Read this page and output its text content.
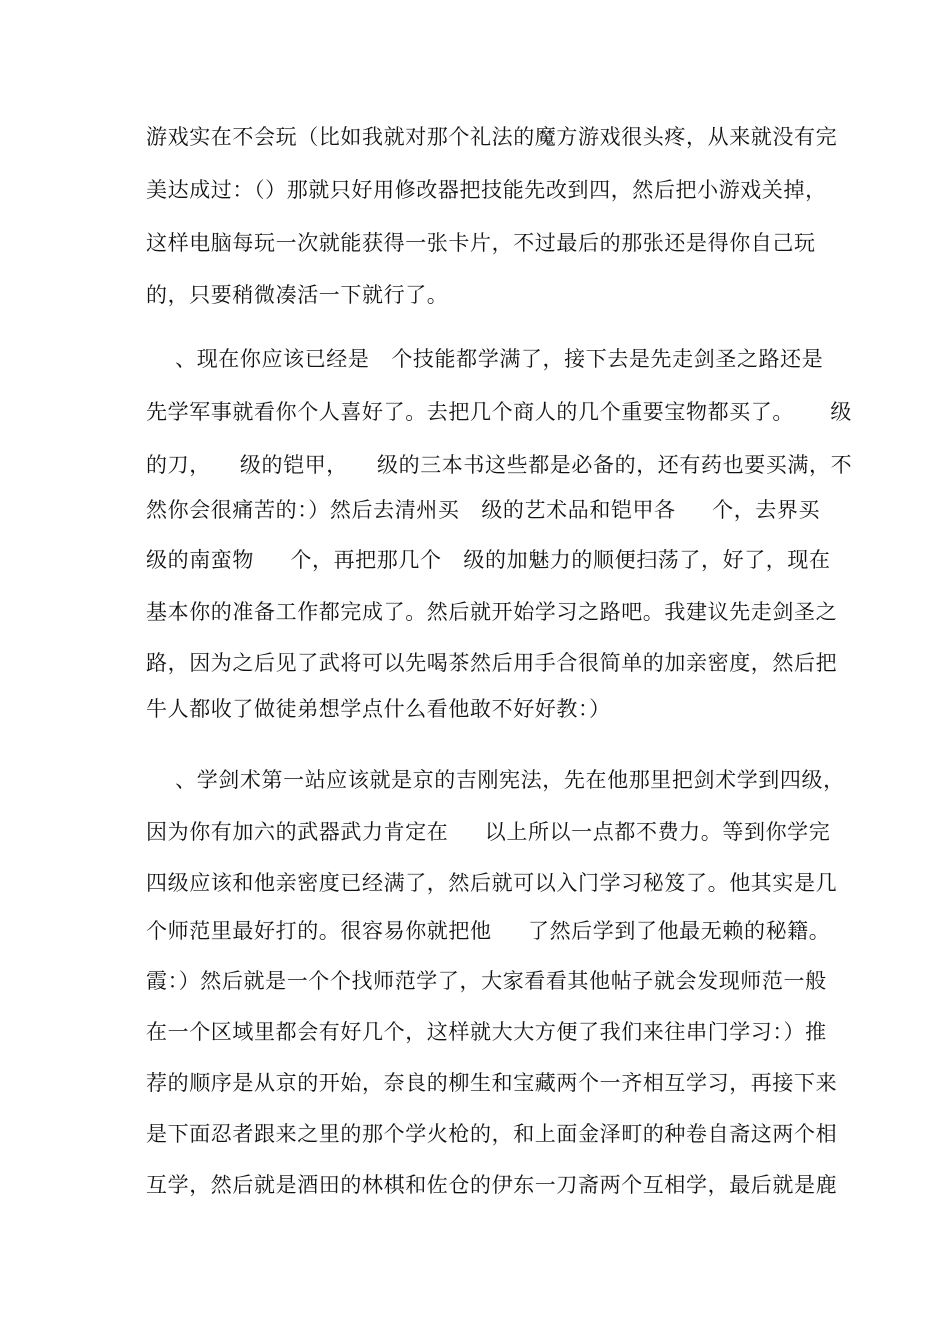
游戏实在不会玩（比如我就对那个礼法的魔方游戏很头疼，从来就没有完
美达成过：（）那就只好用修改器把技能先改到四，然后把小游戏关掉，
这样电脑每玩一次就能获得一张卡片，不过最后的那张还是得你自己玩
的，只要稍微凑活一下就行了。
、现在你应该已经是   个技能都学满了，接下去是先走剑圣之路还是
先学军事就看你个人喜好了。去把几个商人的几个重要宝物都买了。     级
的刀，    级的铠甲，    级的三本书这些都是必备的，还有药也要买满，不
然你会很痛苦的：）然后去清州买   级的艺术品和铠甲各     个，去界买
级的南蛮物     个，再把那几个   级的加魅力的顺便扫荡了，好了，现在
基本你的准备工作都完成了。然后就开始学习之路吧。我建议先走剑圣之
路，因为之后见了武将可以先喝茶然后用手合很简单的加亲密度，然后把
牛人都收了做徒弟想学点什么看他敢不好好教：）
、学剑术第一站应该就是京的吉刚宪法，先在他那里把剑术学到四级，
因为你有加六的武器武力肯定在     以上所以一点都不费力。等到你学完
四级应该和他亲密度已经满了，然后就可以入门学习秘笈了。他其实是几
个师范里最好打的。很容易你就把他     了然后学到了他最无赖的秘籍。
霞：）然后就是一个个找师范学了，大家看看其他帖子就会发现师范一般
在一个区域里都会有好几个，这样就大大方便了我们来往串门学习：）推
荐的顺序是从京的开始，奈良的柳生和宝藏两个一齐相互学习，再接下来
是下面忍者跟来之里的那个学火枪的，和上面金泽町的种卷自斋这两个相
互学，然后就是酒田的林棋和佐仓的伊东一刀斋两个互相学，最后就是鹿
